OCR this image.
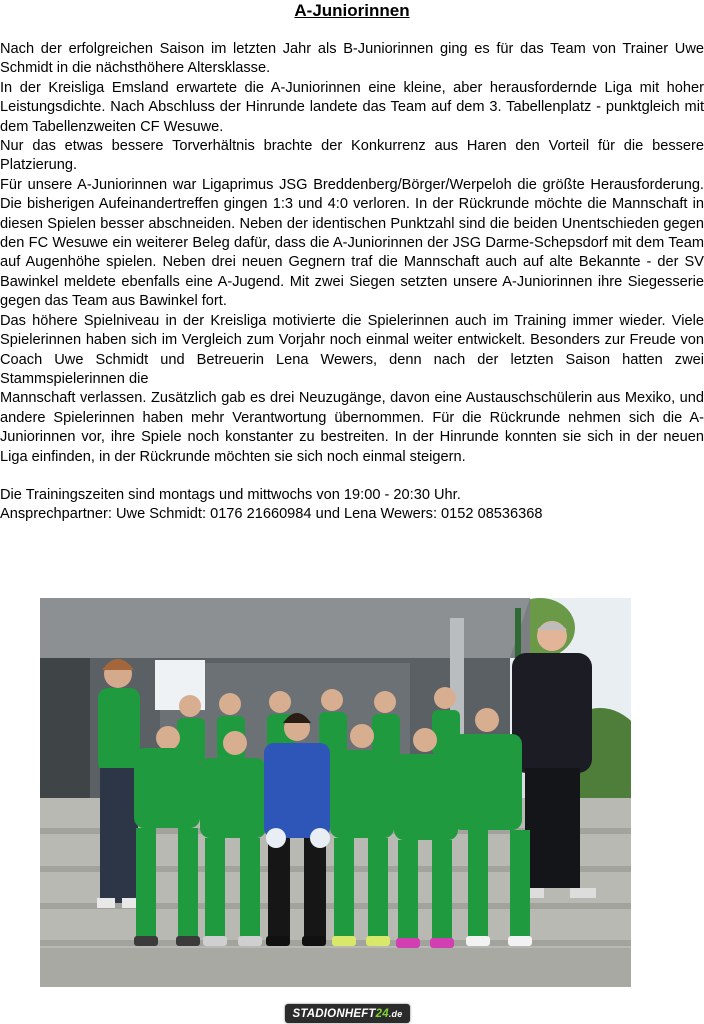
A-Juniorinnen

Nach der erfolgreichen Saison im letzten Jahr als B-Juniorinnen ging es für das Team von Trainer Uwe Schmidt in die nächsthöhere Altersklasse.

In der Kreisliga Emsland erwartete die A-Juniorinnen eine kleine, aber herausfordernde Liga mit hoher Leistungsdichte. Nach Abschluss der Hinrunde landete das Team auf dem 3. Tabellenplatz - punktgleich mit dem Tabellenzweiten CF Wesuwe.

Nur das etwas bessere Torverhältnis brachte der Konkurrenz aus Haren den Vorteil für die bessere Platzierung.

Für unsere A-Juniorinnen war Ligaprimus JSG Breddenberg/Börger/Werpeloh die größte Herausforderung. Die bisherigen Aufeinandertreffen gingen 1:3 und 4:0 verloren. In der Rückrunde möchte die Mannschaft in diesen Spielen besser abschneiden. Neben der identischen Punktzahl sind die beiden Unentschieden gegen den FC Wesuwe ein weiterer Beleg dafür, dass die A-Juniorinnen der JSG Darme-Schepsdorf mit dem Team auf Augenhöhe spielen. Neben drei neuen Gegnern traf die Mannschaft auch auf alte Bekannte - der SV Bawinkel meldete ebenfalls eine A-Jugend. Mit zwei Siegen setzten unsere A-Juniorinnen ihre Siegesserie gegen das Team aus Bawinkel fort.

Das höhere Spielniveau in der Kreisliga motivierte die Spielerinnen auch im Training immer wieder. Viele Spielerinnen haben sich im Vergleich zum Vorjahr noch einmal weiter entwickelt. Besonders zur Freude von Coach Uwe Schmidt und Betreuerin Lena Wewers, denn nach der letzten Saison hatten zwei Stammspielerinnen die

Mannschaft verlassen. Zusätzlich gab es drei Neuzugänge, davon eine Austauschschülerin aus Mexiko, und andere Spielerinnen haben mehr Verantwortung übernommen. Für die Rückrunde nehmen sich die A-Juniorinnen vor, ihre Spiele noch konstanter zu bestreiten. In der Hinrunde konnten sie sich in der neuen Liga einfinden, in der Rückrunde möchten sie sich noch einmal steigern.

Die Trainingszeiten sind montags und mittwochs von 19:00 - 20:30 Uhr.

Ansprechpartner: Uwe Schmidt: 0176 21660984 und Lena Wewers: 0152 08536368

STADIONHEFT 24 .de
